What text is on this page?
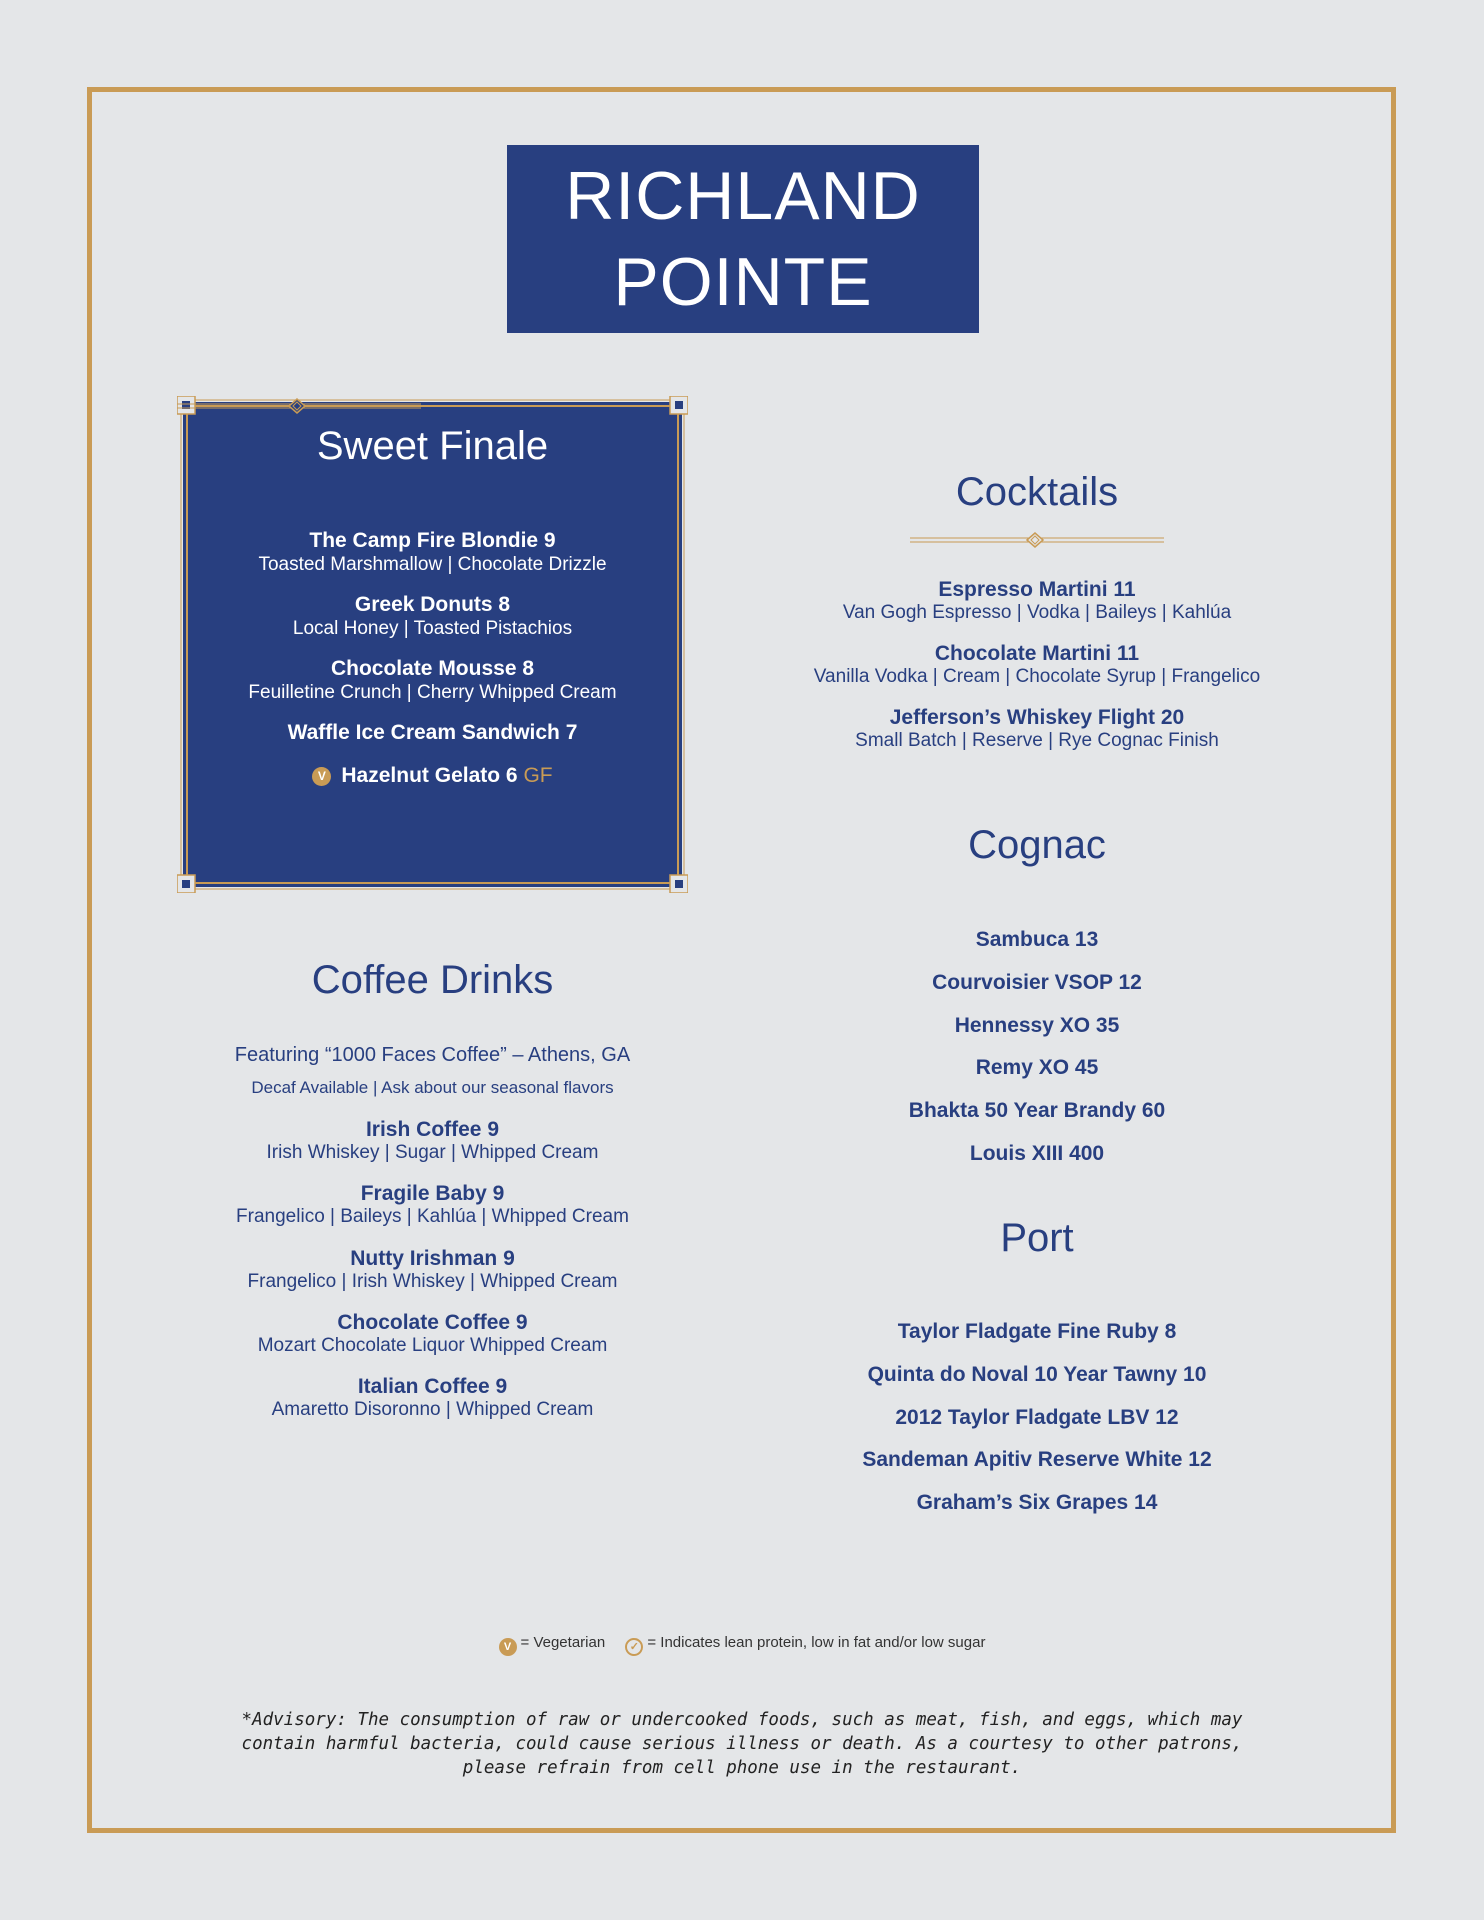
RICHLAND
POINTE
Sweet Finale
The Camp Fire Blondie 9
Toasted Marshmallow | Chocolate Drizzle
Greek Donuts 8
Local Honey | Toasted Pistachios
Chocolate Mousse 8
Feuilletine Crunch | Cherry Whipped Cream
Waffle Ice Cream Sandwich 7
V Hazelnut Gelato 6 GF
Cocktails
Espresso Martini 11
Van Gogh Espresso | Vodka | Baileys | Kahlúa
Chocolate Martini 11
Vanilla Vodka | Cream | Chocolate Syrup | Frangelico
Jefferson’s Whiskey Flight 20
Small Batch | Reserve | Rye Cognac Finish
Cognac
Sambuca 13
Courvoisier VSOP 12
Hennessy XO 35
Remy XO 45
Bhakta 50 Year Brandy 60
Louis XIII 400
Port
Taylor Fladgate Fine Ruby 8
Quinta do Noval 10 Year Tawny 10
2012 Taylor Fladgate LBV 12
Sandeman Apitiv Reserve White 12
Graham’s Six Grapes 14
Coffee Drinks
Featuring “1000 Faces Coffee” – Athens, GA
Decaf Available | Ask about our seasonal flavors
Irish Coffee 9
Irish Whiskey | Sugar | Whipped Cream
Fragile Baby 9
Frangelico | Baileys | Kahlúa | Whipped Cream
Nutty Irishman 9
Frangelico | Irish Whiskey | Whipped Cream
Chocolate Coffee 9
Mozart Chocolate Liquor Whipped Cream
Italian Coffee 9
Amaretto Disoronno | Whipped Cream
V = Vegetarian ✓ = Indicates lean protein, low in fat and/or low sugar
*Advisory: The consumption of raw or undercooked foods, such as meat, fish, and eggs, which may contain harmful bacteria, could cause serious illness or death. As a courtesy to other patrons, please refrain from cell phone use in the restaurant.
